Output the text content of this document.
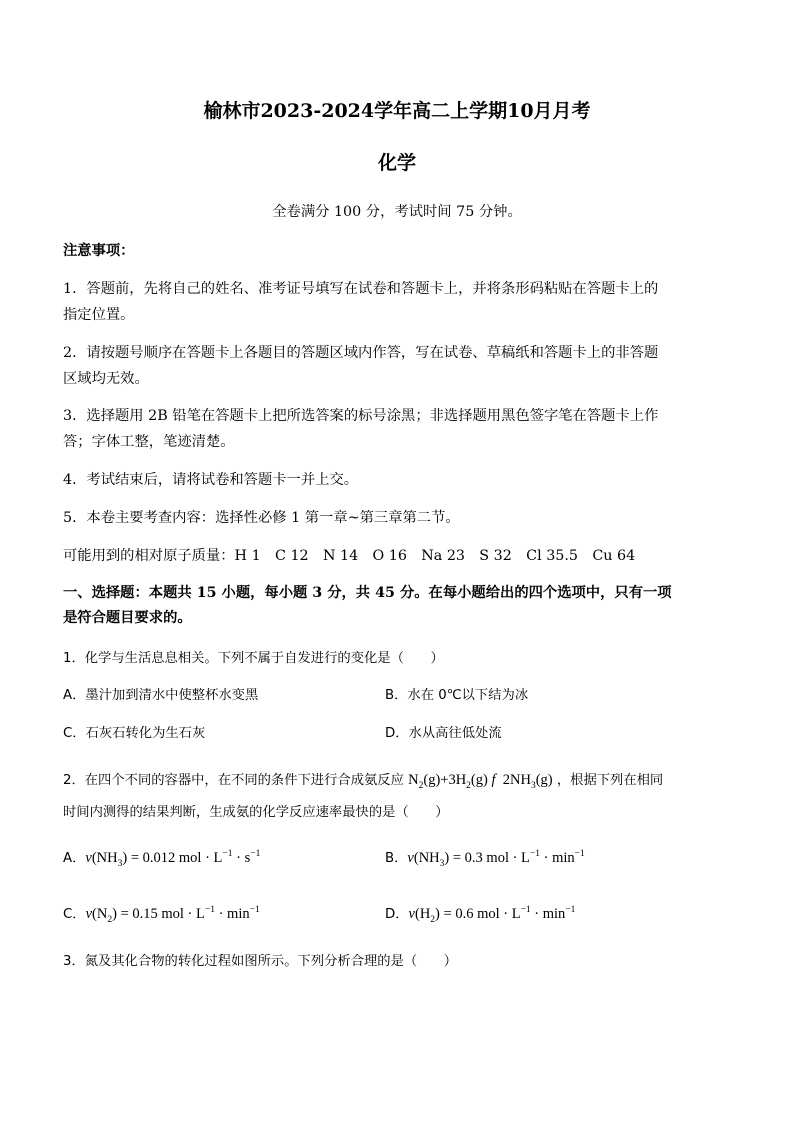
榆林市2023-2024学年高二上学期10月月考
化学
全卷满分 100 分，考试时间 75 分钟。
注意事项：
1．答题前，先将自己的姓名、准考证号填写在试卷和答题卡上，并将条形码粘贴在答题卡上的
指定位置。
2．请按题号顺序在答题卡上各题目的答题区域内作答，写在试卷、草稿纸和答题卡上的非答题
区域均无效。
3．选择题用 2B 铅笔在答题卡上把所选答案的标号涂黑；非选择题用黑色签字笔在答题卡上作
答；字体工整，笔迹清楚。
4．考试结束后，请将试卷和答题卡一并上交。
5．本卷主要考查内容：选择性必修 1 第一章~第三章第二节。
可能用到的相对原子质量：H 1　C 12　N 14　O 16　Na 23　S 32　Cl 35.5　Cu 64
一、选择题：本题共 15 小题，每小题 3 分，共 45 分。在每小题给出的四个选项中，只有一项
是符合题目要求的。
1．化学与生活息息相关。下列不属于自发进行的变化是（　　）
A．墨汁加到清水中使整杯水变黑	B．水在 0℃以下结为冰
C．石灰石转化为生石灰	D．水从高往低处流
2．在四个不同的容器中，在不同的条件下进行合成氨反应 $N_2(g)+3H_2(g)$ f  $2NH_3(g)$ ，根据下列在相同
时间内测得的结果判断，生成氨的化学反应速率最快的是（　　）
A．$v(NH_3) = 0.012$ mol · $L^{-1} \cdot s^{-1}$	B．$v(NH_3) = 0.3$ mol · $L^{-1} \cdot \min^{-1}$
C．$v(N_2) = 0.15$ mol · $L^{-1} \cdot \min^{-1}$	D．$v(H_2) = 0.6$ mol · $L^{-1} \cdot \min^{-1}$
3．氮及其化合物的转化过程如图所示。下列分析合理的是（　　）
